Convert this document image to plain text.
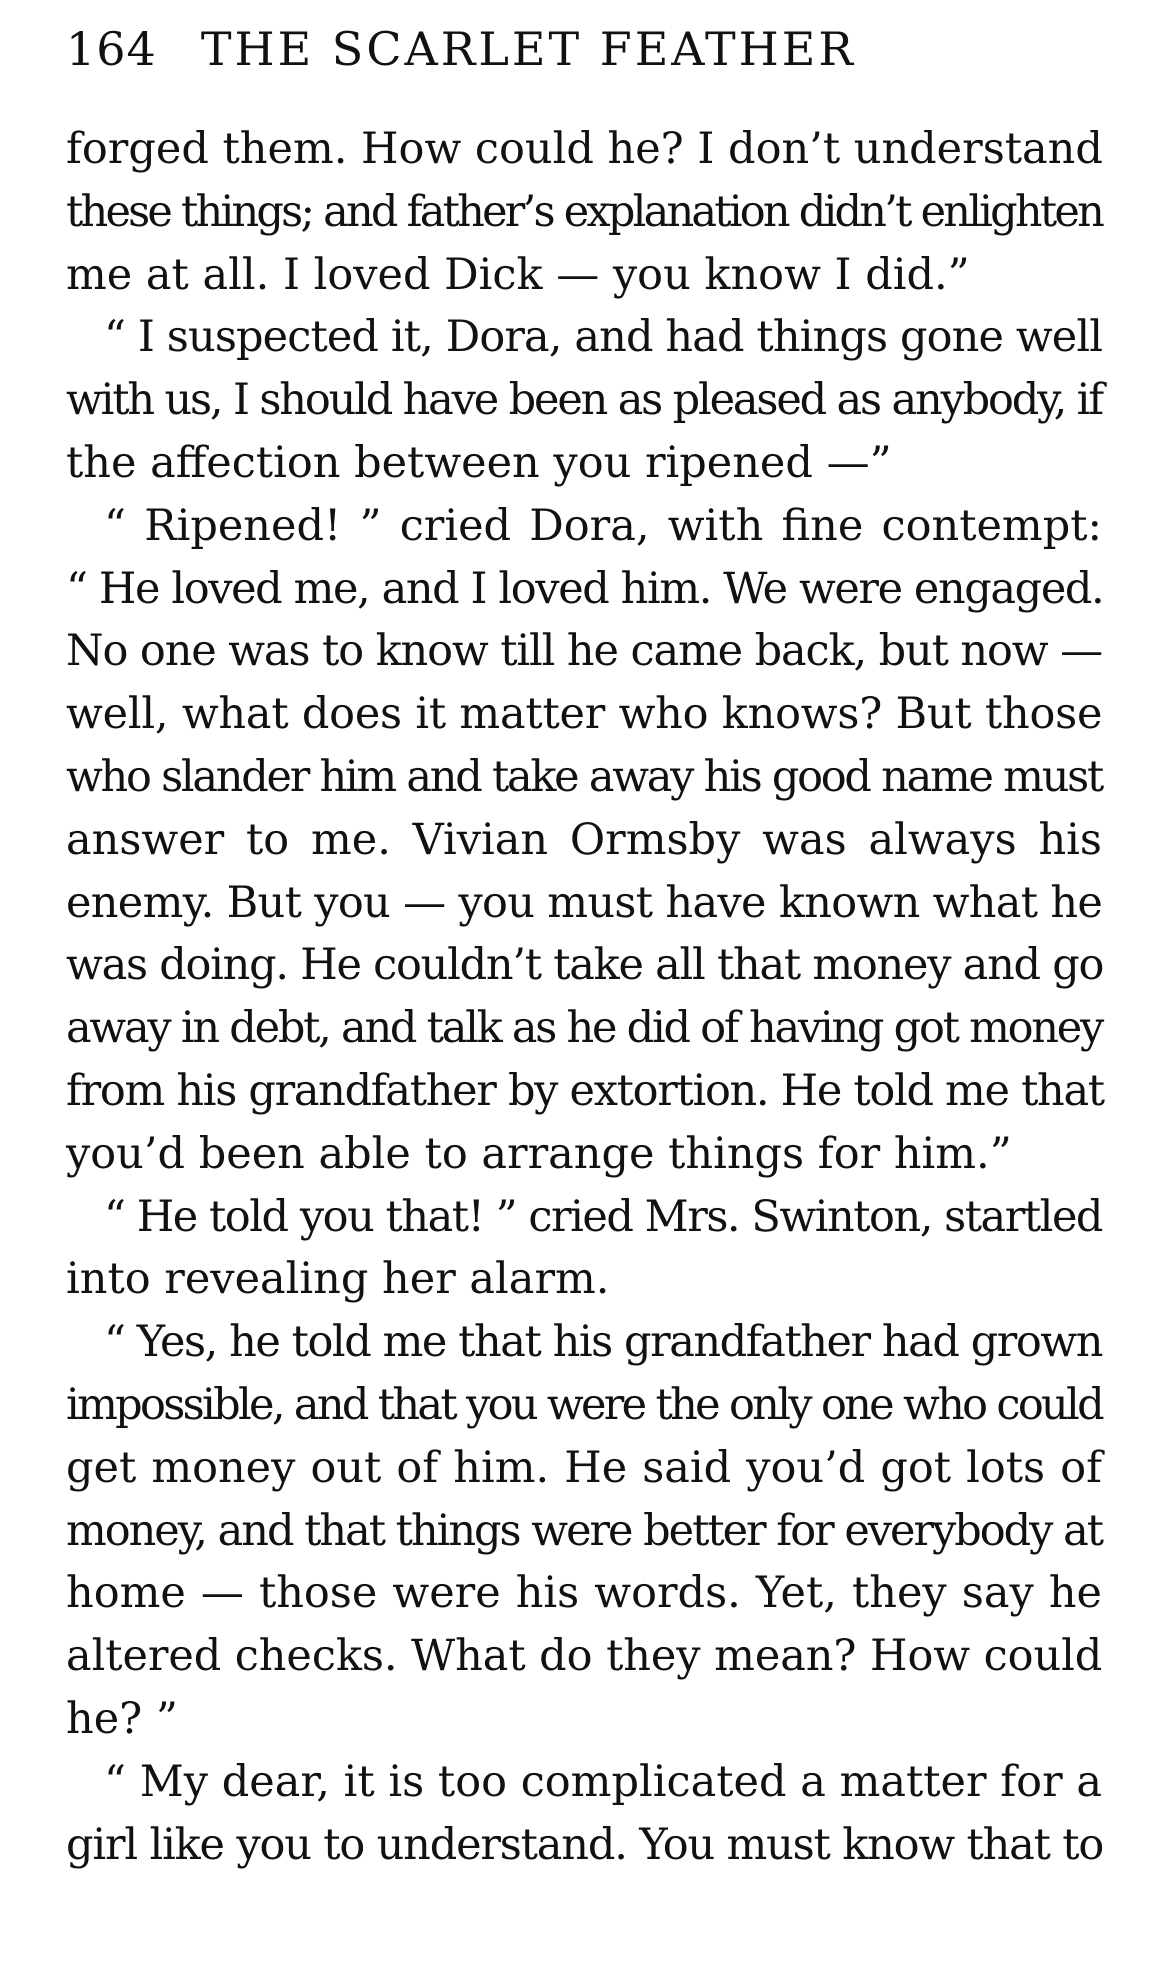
164 THE SCARLET FEATHER
forged them. How could he? I don’t understand
these things; and father’s explanation didn’t enlighten
me at all. I loved Dick — you know I did.”
“ I suspected it, Dora, and had things gone well
with us, I should have been as pleased as anybody, if
the affection between you ripened —”
“ Ripened! ” cried Dora, with fine contempt:
“ He loved me, and I loved him. We were engaged.
No one was to know till he came back, but now —
well, what does it matter who knows? But those
who slander him and take away his good name must
answer to me. Vivian Ormsby was always his
enemy. But you — you must have known what he
was doing. He couldn’t take all that money and go
away in debt, and talk as he did of having got money
from his grandfather by extortion. He told me that
you’d been able to arrange things for him.”
“ He told you that! ” cried Mrs. Swinton, startled
into revealing her alarm.
“ Yes, he told me that his grandfather had grown
impossible, and that you were the only one who could
get money out of him. He said you’d got lots of
money, and that things were better for everybody at
home — those were his words. Yet, they say he
altered checks. What do they mean? How could
he? ”
“ My dear, it is too complicated a matter for a
girl like you to understand. You must know that to
